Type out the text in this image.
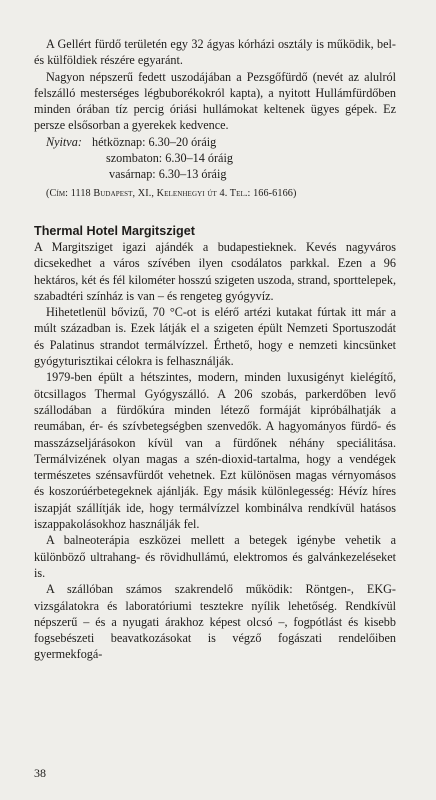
A Gellért fürdő területén egy 32 ágyas kórházi osztály is működik, bel- és külföldiek részére egyaránt.

Nagyon népszerű fedett uszodájában a Pezsgőfürdő (nevét az alulról felszálló mesterséges légbuborékokról kapta), a nyitott Hullámfürdőben minden órában tíz percig óriási hullámokat keltenek ügyes gépek. Ez persze elsősorban a gyerekek kedvence.

Nyitva: hétköznap: 6.30–20 óráig
szombaton: 6.30–14 óráig
vasárnap: 6.30–13 óráig
(Cím: 1118 Budapest, XI., Kelenhegyi út 4. Tel.: 166-6166)
Thermal Hotel Margitsziget

A Margitsziget igazi ajándék a budapestieknek. Kevés nagyváros dicsekedhet a város szívében ilyen csodálatos parkkal. Ezen a 96 hektáros, két és fél kilométer hosszú szigeten uszoda, strand, sporttelepek, szabadtéri színház is van – és rengeteg gyógyvíz.

Hihetetlenül bővizű, 70 °C-ot is elérő artézi kutakat fúrtak itt már a múlt században is. Ezek látják el a szigeten épült Nemzeti Sportuszodát és Palatinus strandot termálvízzel. Érthető, hogy e nemzeti kincsünket gyógyturisztikai célokra is felhasználják.

1979-ben épült a hétszintes, modern, minden luxusigényt kielégítő, ötcsillagos Thermal Gyógyszálló. A 206 szobás, parkerdőben levő szállodában a fürdőkúra minden létező formáját kipróbálhatják a reumában, ér- és szívbetegségben szenvedők. A hagyományos fürdő- és masszázseljárásokon kívül van a fürdőnek néhány speciálitása. Termálvizének olyan magas a szén-dioxid-tartalma, hogy a vendégek természetes szénsavfürdőt vehetnek. Ezt különösen magas vérnyomásos és koszorúérbetegeknek ajánlják. Egy másik különlegesség: Hévíz híres iszapját szállítják ide, hogy termálvízzel kombinálva rendkívül hatásos iszappakolásokhoz használják fel.

A balneoterápia eszközei mellett a betegek igénybe vehetik a különböző ultrahang- és rövidhullámú, elektromos és galvánkezeléseket is.

A szállóban számos szakrendelő működik: Röntgen-, EKG-vizsgálatokra és laboratóriumi tesztekre nyílik lehetőség. Rendkívül népszerű – és a nyugati árakhoz képest olcsó –, fogpótlást és kisebb fogsebészeti beavatkozásokat is végző fogászati rendelőiben gyermekfogá-

38
